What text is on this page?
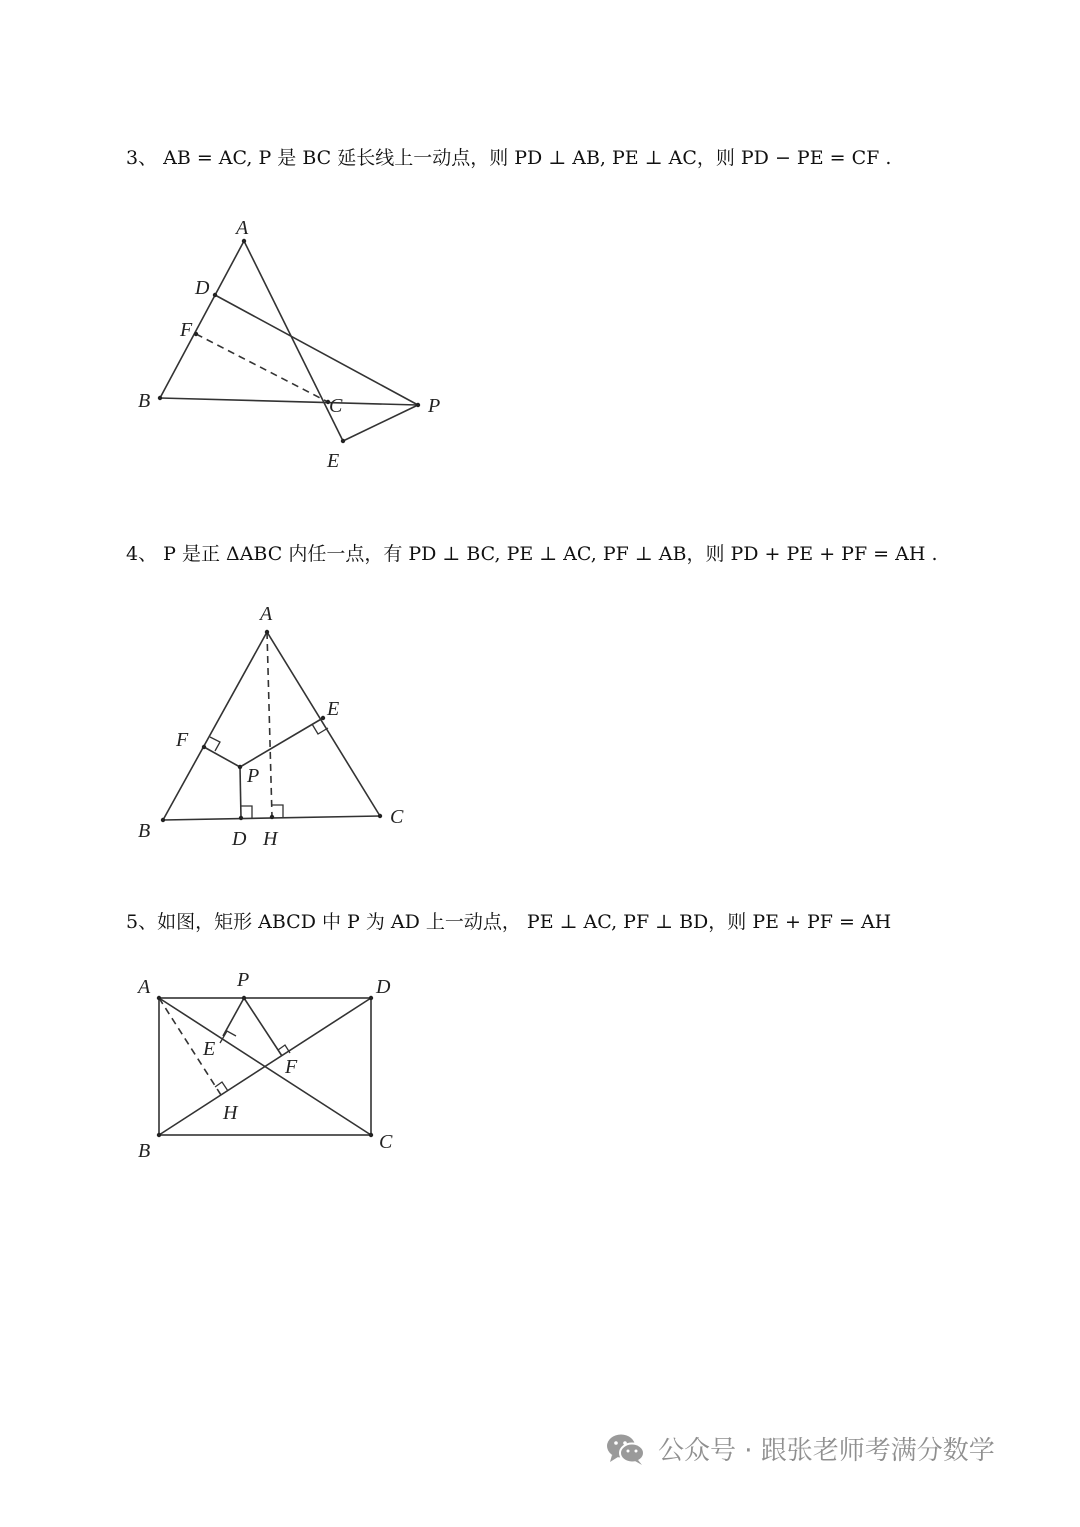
3、 AB = AC, P 是 BC 延长线上一动点，则 PD ⊥ AB, PE ⊥ AC，则 PD − PE = CF .
A
D
F
B	C	P
E
4、 P 是正 ΔABC 内任一点，有 PD ⊥ BC, PE ⊥ AC, PF ⊥ AB，则 PD + PE + PF = AH .
A
E
F
P
C
B	D H
5、如图，矩形 ABCD 中 P 为 AD 上一动点， PE ⊥ AC, PF ⊥ BD，则 PE + PF = AH
A	P	D
E
F
H
B	C
公众号 · 跟张老师考满分数学
